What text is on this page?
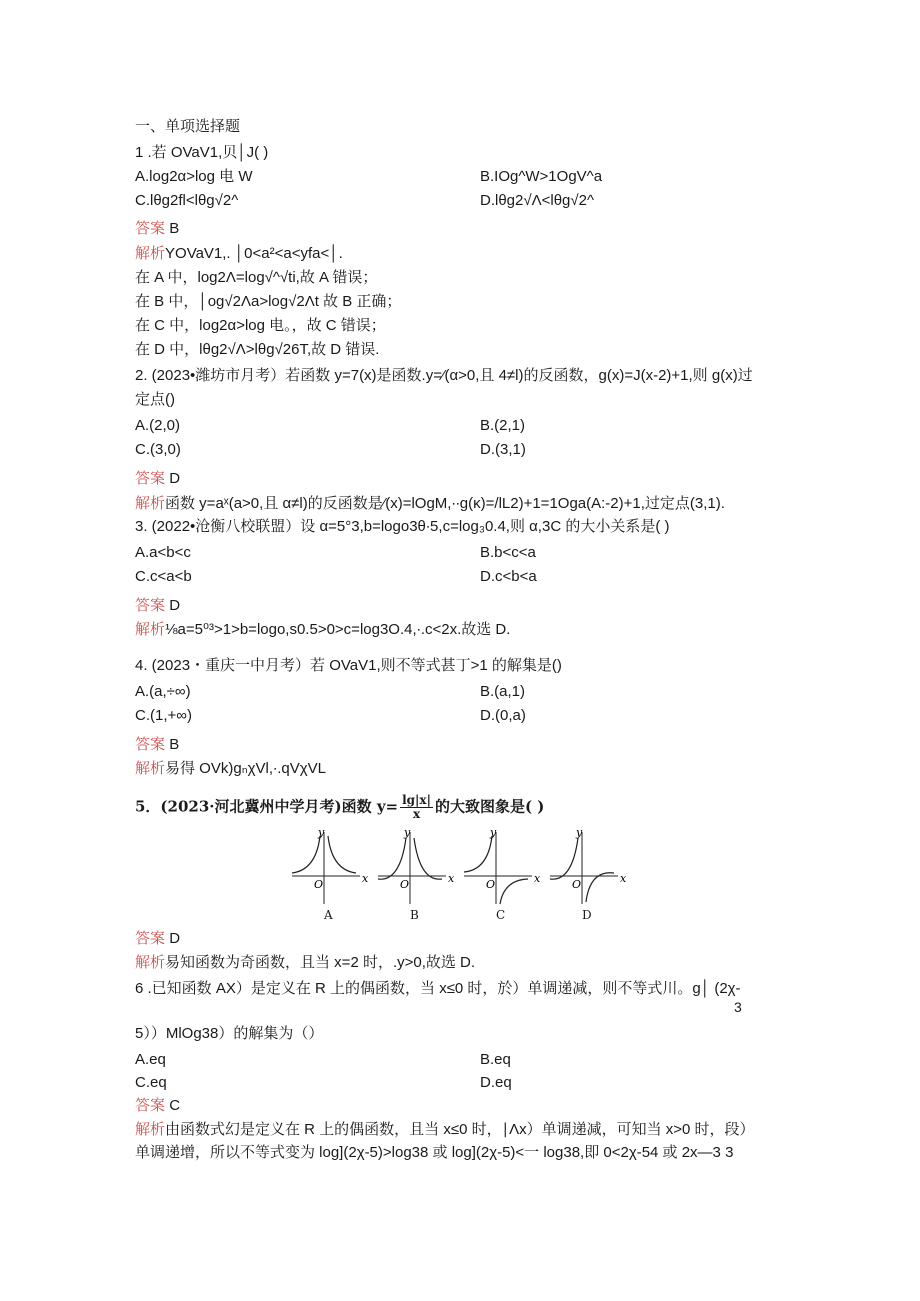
一、单项选择题
1 .若 OVaV1,贝│J( )
A.log2α>log 电 W	B.IOg^W>1OgV^a
C.lθg2fl<lθg√2^	D.lθg2√Λ<lθg√2^
答案 B
解析YOVaV1,. │0<a²<a<yfa<│.
在 A 中，log2Λ=log√^√ti,故 A 错误；
在 B 中，│og√2Λa>log√2Λt 故 B 正确；
在 C 中，log2α>log 电。，故 C 错误；
在 D 中，lθg2√Λ>lθg√26T,故 D 错误.
2. (2023•潍坊市月考）若函数 y=7(x)是函数.y=⁄(α>0,且 4≠l)的反函数，g(x)=J(x-2)+1,则 g(x)过
定点()
A.(2,0)	B.(2,1)
C.(3,0)	D.(3,1)
答案 D
解析函数 y=aˣ(a>0,且 α≠l)的反函数是⁄(x)=lOgM,∙∙g(κ)=/lL2)+1=1Oga(A:-2)+1,过定点(3,1).
3. (2022•沧衡八校联盟）设 α=5°3,b=logo3θ∙5,c=log₃0.4,则 α,3C 的大小关系是( )
A.a<b<c	B.b<c<a
C.c<a<b	D.c<b<a
答案 D
解析⅛a=5⁰³>1>b=logo,s0.5>0>c=log3O.4,∙.c<2x.故选 D.
4. (2023・重庆一中月考）若 OVaV1,则不等式甚丁>1 的解集是()
A.(a,÷∞)	B.(a,1)
C.(1,+∞)	D.(0,a)
答案 B
解析易得 OVk)gₙχVl,∙.qVχVL
5．(2023·河北冀州中学月考)函数 $y= \frac{\lg|x|}{x}$ 的大致图象是( )
y
x
O
A
y
x
O
B
y
x
O
C
y
x
O
D
答案 D
解析易知函数为奇函数，且当 x=2 时，.y>0,故选 D.
6 .已知函数 AX）是定义在 R 上的偶函数，当 x≤0 时，於）单调递减，则不等式川。g│ (2χ-
3
5））MlOg38）的解集为（）
A.eq	B.eq
C.eq	D.eq
答案 C
解析由函数式幻是定义在 R 上的偶函数，且当 x≤0 时，∣Λx）单调递减，可知当 x>0 时，段）
单调递增，所以不等式变为 log](2χ-5)>log38 或 log](2χ-5)<一 log38,即 0<2χ-54 或 2x—3 3
